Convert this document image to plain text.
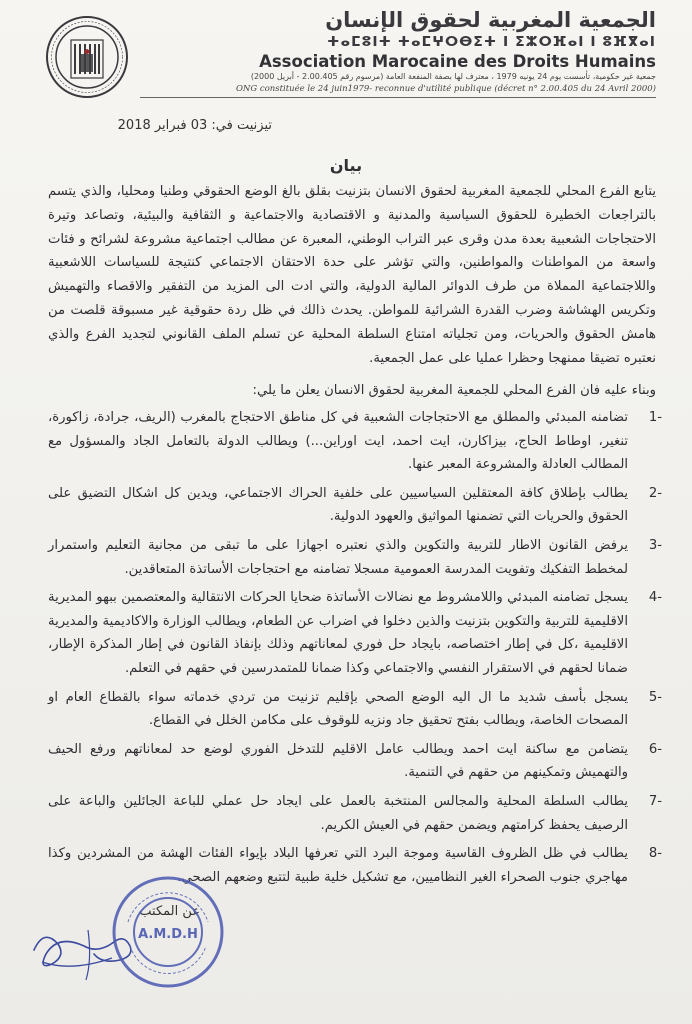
الجمعية المغربية لحقوق الإنسان
ⵜⴰⵎⵓⵏⵜ ⵜⴰⵎⵖⵔⴱⵉⵜ ⵏ ⵉⵣⵔⴼⴰⵏ ⵏ ⵓⴼⴳⴰⵏ
Association Marocaine des Droits Humains
جمعية غير حكومية، تأسست يوم 24 يونيه 1979 ، معترف لها بصفة المنفعة العامة (مرسوم رقم 2.00.405 - أبريل 2000)
ONG constituée le 24 juin1979- reconnue d'utilité publique (décret n° 2.00.405 du 24 Avril 2000)
تيزنيت في: 03 فبراير 2018
بيان
يتابع الفرع المحلي للجمعية المغربية لحقوق الانسان بتزنيت بقلق بالغ الوضع الحقوقي وطنيا ومحليا، والذي يتسم بالتراجعات الخطيرة للحقوق السياسية والمدنية و الاقتصادية والاجتماعية و الثقافية والبيئية، وتصاعد وتيرة الاحتجاجات الشعبية بعدة مدن وقرى عبر التراب الوطني، المعبرة عن مطالب اجتماعية مشروعة لشرائح و فئات واسعة من المواطنات والمواطنين، والتي تؤشر على حدة الاحتقان الاجتماعي كنتيجة للسياسات اللاشعبية واللاجتماعية المملاة من طرف الدوائر المالية الدولية، والتي ادت الى المزيد من التفقير والاقصاء والتهميش وتكريس الهشاشة وضرب القدرة الشرائية للمواطن. يحدث ذالك في ظل ردة حقوقية غير مسبوقة قلصت من هامش الحقوق والحريات، ومن تجلياته امتناع السلطة المحلية عن تسلم الملف القانوني لتجديد الفرع والذي نعتبره تضيقا ممنهجا وحظرا عمليا على عمل الجمعية.
وبناء عليه فان الفرع المحلي للجمعية المغربية لحقوق الانسان يعلن ما يلي:
1-
تضامنه المبدئي والمطلق مع الاحتجاجات الشعبية في كل مناطق الاحتجاج بالمغرب (الريف، جرادة، زاكورة، تنغير، اوطاط الحاج، بيزاكارن، ايت احمد، ايت اوراين...) ويطالب الدولة بالتعامل الجاد والمسؤول مع المطالب العادلة والمشروعة المعبر عنها.
2-
يطالب بإطلاق كافة المعتقلين السياسيين على خلفية الحراك الاجتماعي، ويدين كل اشكال التضيق على الحقوق والحريات التي تضمنها المواثيق والعهود الدولية.
3-
يرفض القانون الاطار للتربية والتكوين والذي نعتبره اجهازا على ما تبقى من مجانية التعليم واستمرار لمخطط التفكيك وتفويت المدرسة العمومية مسجلا تضامنه مع احتجاجات الأساتذة المتعاقدين.
4-
يسجل تضامنه المبدئي واللامشروط مع نضالات الأساتذة ضحايا الحركات الانتقالية والمعتصمين ببهو المديرية الاقليمية للتربية والتكوين بتزنيت والذين دخلوا في اضراب عن الطعام، ويطالب الوزارة والاكاديمية والمديرية الاقليمية ،كل في إطار اختصاصه، بايجاد حل فوري لمعاناتهم وذلك بإنفاذ القانون في إطار المذكرة الإطار، ضمانا لحقهم في الاستقرار النفسي والاجتماعي وكذا ضمانا للمتمدرسين في حقهم في التعلم.
5-
يسجل بأسف شديد ما ال اليه الوضع الصحي بإقليم تزنيت من تردي خدماته سواء بالقطاع العام او المصحات الخاصة، ويطالب بفتح تحقيق جاد ونزيه للوقوف على مكامن الخلل في القطاع.
6-
يتضامن مع ساكنة ايت احمد ويطالب عامل الاقليم للتدخل الفوري لوضع حد لمعاناتهم ورفع الحيف والتهميش وتمكينهم من حقهم في التنمية.
7-
يطالب السلطة المحلية والمجالس المنتخبة بالعمل على ايجاد حل عملي للباعة الجائلين والباعة على الرصيف يحفظ كرامتهم ويضمن حقهم في العيش الكريم.
8-
يطالب في ظل الظروف القاسية وموجة البرد التي تعرفها البلاد بإيواء الفئات الهشة من المشردين وكذا مهاجري جنوب الصحراء الغير النظاميين، مع تشكيل خلية طبية لتتبع وضعهم الصحي.
عن المكتب
A.M.D.H
